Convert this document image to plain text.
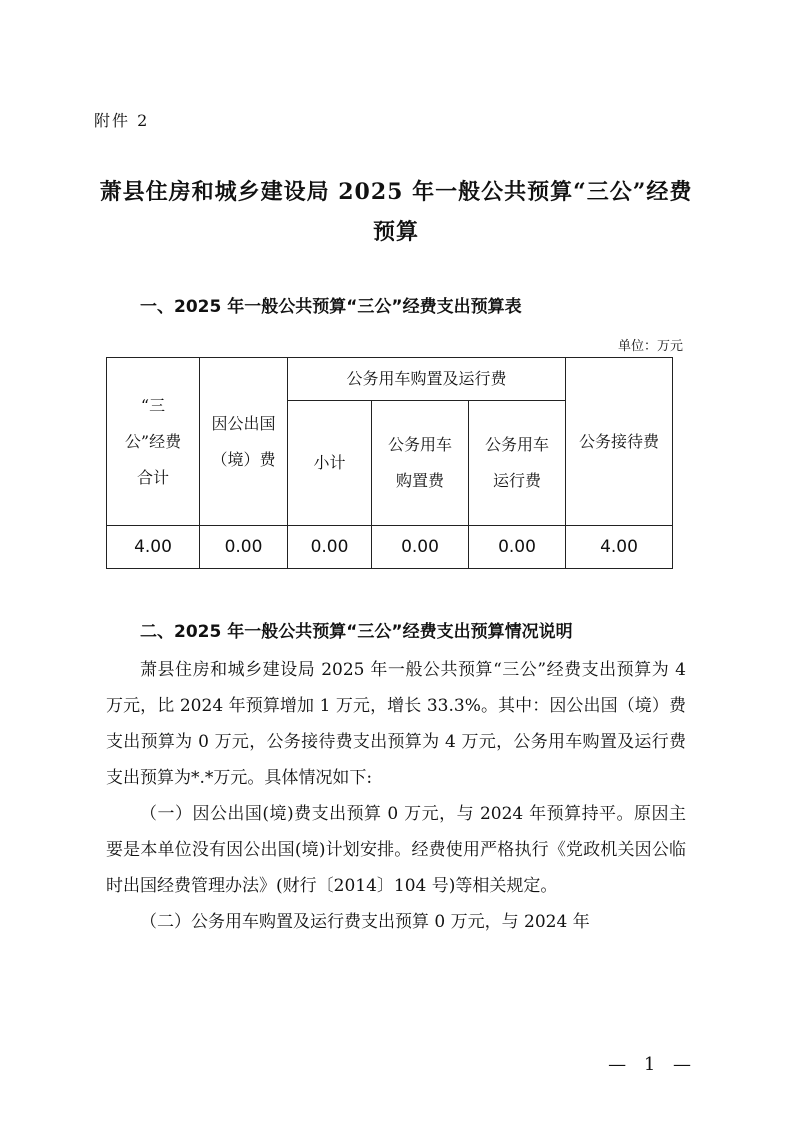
附件 2
萧县住房和城乡建设局 2025 年一般公共预算“三公”经费预算
一、2025 年一般公共预算“三公”经费支出预算表
单位：万元
“三公”经费合计	因公出国（境）费	公务用车购置及运行费			公务接待费
		小计	公务用车购置费	公务用车运行费	
4.00	0.00	0.00	0.00	0.00	4.00
二、2025 年一般公共预算“三公”经费支出预算情况说明

萧县住房和城乡建设局 2025 年一般公共预算“三公”经费支出预算为 4 万元，比 2024 年预算增加 1 万元，增长 33.3%。其中：因公出国（境）费支出预算为 0 万元，公务接待费支出预算为 4 万元，公务用车购置及运行费支出预算为*.*万元。具体情况如下:

（一）因公出国(境)费支出预算 0 万元，与 2024 年预算持平。原因主要是本单位没有因公出国(境)计划安排。经费使用严格执行《党政机关因公临时出国经费管理办法》(财行〔2014〕104 号)等相关规定。

（二）公务用车购置及运行费支出预算 0 万元，与 2024 年

— 1 —
